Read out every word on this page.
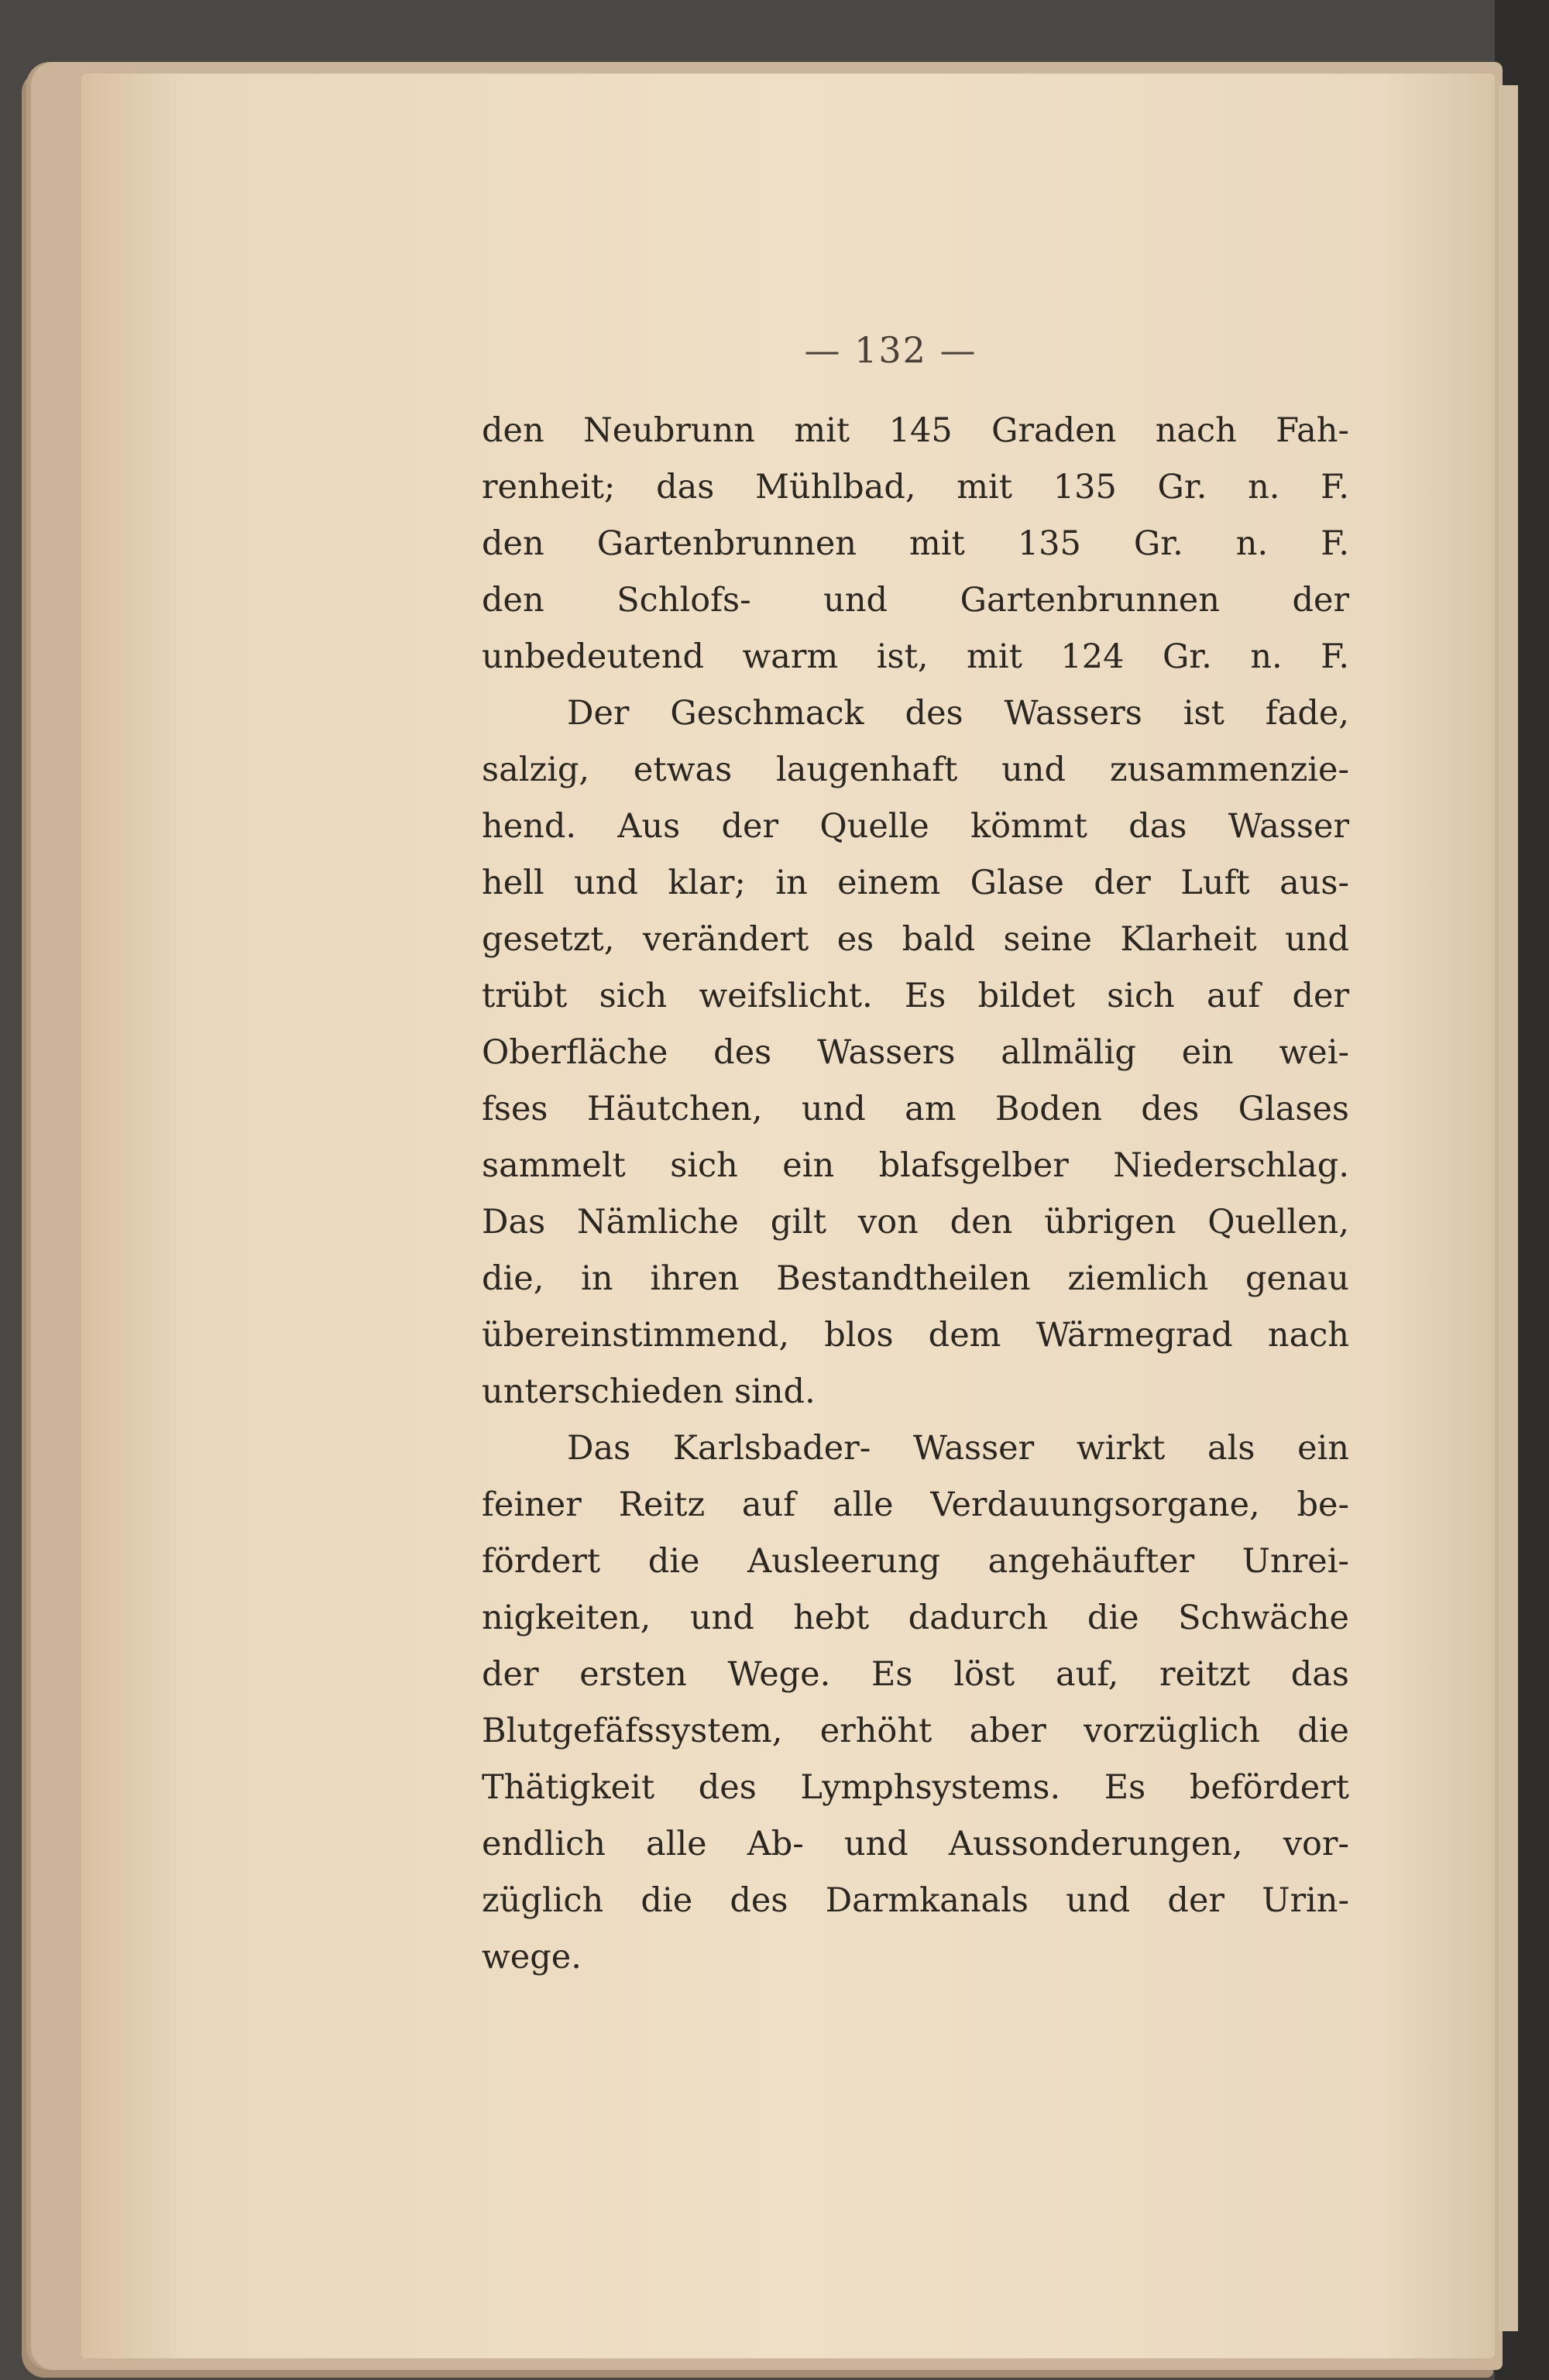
— 132 —
den Neubrunn mit 145 Graden nach Fah-
renheit; das Mühlbad, mit 135 Gr. n. F.
den Gartenbrunnen mit 135 Gr. n. F.
den Schlofs- und Gartenbrunnen der
unbedeutend warm ist, mit 124 Gr. n. F.
Der Geschmack des Wassers ist fade,
salzig, etwas laugenhaft und zusammenzie-
hend. Aus der Quelle kömmt das Wasser
hell und klar; in einem Glase der Luft aus-
gesetzt, verändert es bald seine Klarheit und
trübt sich weifslicht. Es bildet sich auf der
Oberfläche des Wassers allmälig ein wei-
fses Häutchen, und am Boden des Glases
sammelt sich ein blafsgelber Niederschlag.
Das Nämliche gilt von den übrigen Quellen,
die, in ihren Bestandtheilen ziemlich genau
übereinstimmend, blos dem Wärmegrad nach
unterschieden sind.
Das Karlsbader- Wasser wirkt als ein
feiner Reitz auf alle Verdauungsorgane, be-
fördert die Ausleerung angehäufter Unrei-
nigkeiten, und hebt dadurch die Schwäche
der ersten Wege. Es löst auf, reitzt das
Blutgefäfssystem, erhöht aber vorzüglich die
Thätigkeit des Lymphsystems. Es befördert
endlich alle Ab- und Aussonderungen, vor-
züglich die des Darmkanals und der Urin-
wege.
